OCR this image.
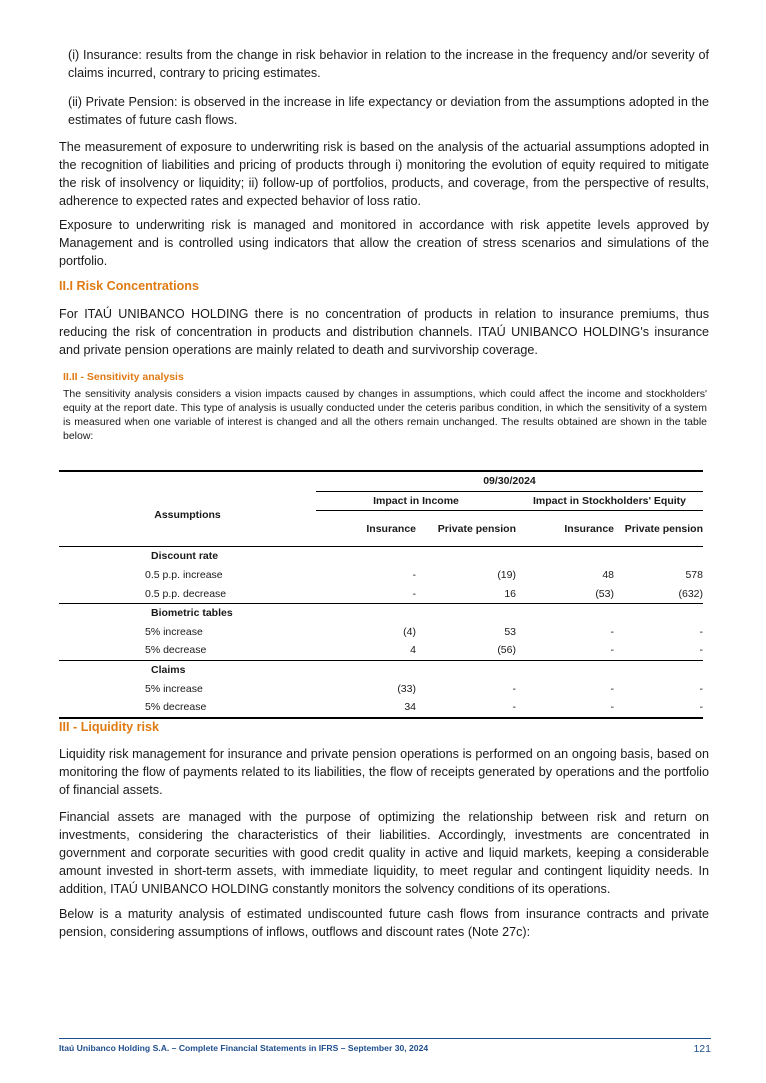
(i) Insurance: results from the change in risk behavior in relation to the increase in the frequency and/or severity of claims incurred, contrary to pricing estimates.

(ii) Private Pension: is observed in the increase in life expectancy or deviation from the assumptions adopted in the estimates of future cash flows.

The measurement of exposure to underwriting risk is based on the analysis of the actuarial assumptions adopted in the recognition of liabilities and pricing of products through i) monitoring the evolution of equity required to mitigate the risk of insolvency or liquidity; ii) follow-up of portfolios, products, and coverage, from the perspective of results, adherence to expected rates and expected behavior of loss ratio.

Exposure to underwriting risk is managed and monitored in accordance with risk appetite levels approved by Management and is controlled using indicators that allow the creation of stress scenarios and simulations of the portfolio.

II.I Risk Concentrations

For ITAÚ UNIBANCO HOLDING there is no concentration of products in relation to insurance premiums, thus reducing the risk of concentration in products and distribution channels. ITAÚ UNIBANCO HOLDING's insurance and private pension operations are mainly related to death and survivorship coverage.

II.II - Sensitivity analysis

The sensitivity analysis considers a vision impacts caused by changes in assumptions, which could affect the income and stockholders' equity at the report date. This type of analysis is usually conducted under the ceteris paribus condition, in which the sensitivity of a system is measured when one variable of interest is changed and all the others remain unchanged. The results obtained are shown in the table below:

Assumptions	09/30/2024			
	Impact in Income		Impact in Stockholders' Equity	
	Insurance	Private pension	Insurance	Private pension
Discount rate				
0.5 p.p. increase	-	(19)	48	578
0.5 p.p. decrease	-	16	(53)	(632)
Biometric tables				
5% increase	(4)	53	-	-
5% decrease	4	(56)	-	-
Claims				
5% increase	(33)	-	-	-
5% decrease	34	-	-	-
III - Liquidity risk

Liquidity risk management for insurance and private pension operations is performed on an ongoing basis, based on monitoring the flow of payments related to its liabilities, the flow of receipts generated by operations and the portfolio of financial assets.

Financial assets are managed with the purpose of optimizing the relationship between risk and return on investments, considering the characteristics of their liabilities. Accordingly, investments are concentrated in government and corporate securities with good credit quality in active and liquid markets, keeping a considerable amount invested in short-term assets, with immediate liquidity, to meet regular and contingent liquidity needs. In addition, ITAÚ UNIBANCO HOLDING constantly monitors the solvency conditions of its operations.

Below is a maturity analysis of estimated undiscounted future cash flows from insurance contracts and private pension, considering assumptions of inflows, outflows and discount rates (Note 27c):

Itaú Unibanco Holding S.A. – Complete Financial Statements in IFRS – September 30, 2024	121
